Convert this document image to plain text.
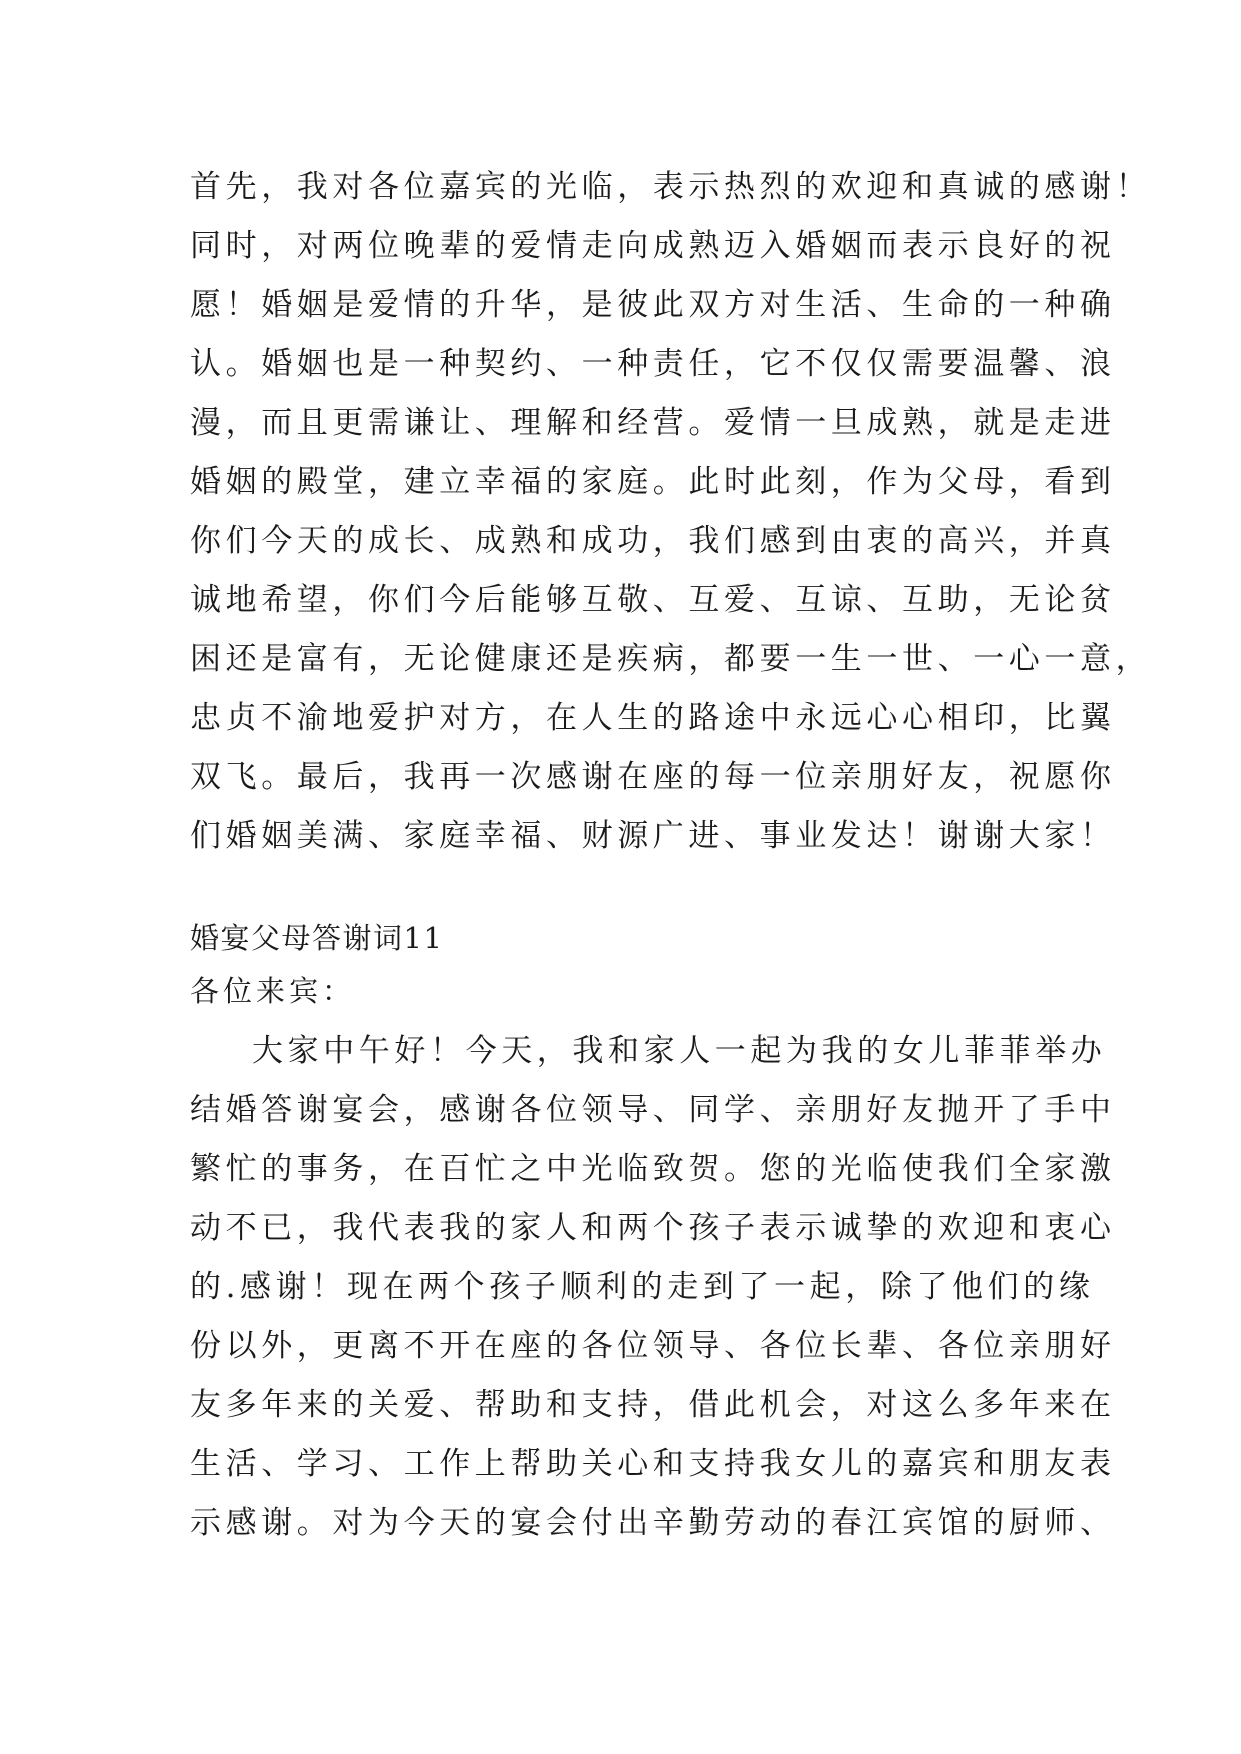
首先，我对各位嘉宾的光临，表示热烈的欢迎和真诚的感谢！
同时，对两位晚辈的爱情走向成熟迈入婚姻而表示良好的祝
愿！婚姻是爱情的升华，是彼此双方对生活、生命的一种确
认。婚姻也是一种契约、一种责任，它不仅仅需要温馨、浪
漫，而且更需谦让、理解和经营。爱情一旦成熟，就是走进
婚姻的殿堂，建立幸福的家庭。此时此刻，作为父母，看到
你们今天的成长、成熟和成功，我们感到由衷的高兴，并真
诚地希望，你们今后能够互敬、互爱、互谅、互助，无论贫
困还是富有，无论健康还是疾病，都要一生一世、一心一意，
忠贞不渝地爱护对方，在人生的路途中永远心心相印，比翼
双飞。最后，我再一次感谢在座的每一位亲朋好友，祝愿你
们婚姻美满、家庭幸福、财源广进、事业发达！谢谢大家！
婚宴父母答谢词11
各位来宾：
大家中午好！今天，我和家人一起为我的女儿菲菲举办
结婚答谢宴会，感谢各位领导、同学、亲朋好友抛开了手中
繁忙的事务，在百忙之中光临致贺。您的光临使我们全家激
动不已，我代表我的家人和两个孩子表示诚挚的欢迎和衷心
的.感谢！现在两个孩子顺利的走到了一起，除了他们的缘
份以外，更离不开在座的各位领导、各位长辈、各位亲朋好
友多年来的关爱、帮助和支持，借此机会，对这么多年来在
生活、学习、工作上帮助关心和支持我女儿的嘉宾和朋友表
示感谢。对为今天的宴会付出辛勤劳动的春江宾馆的厨师、
